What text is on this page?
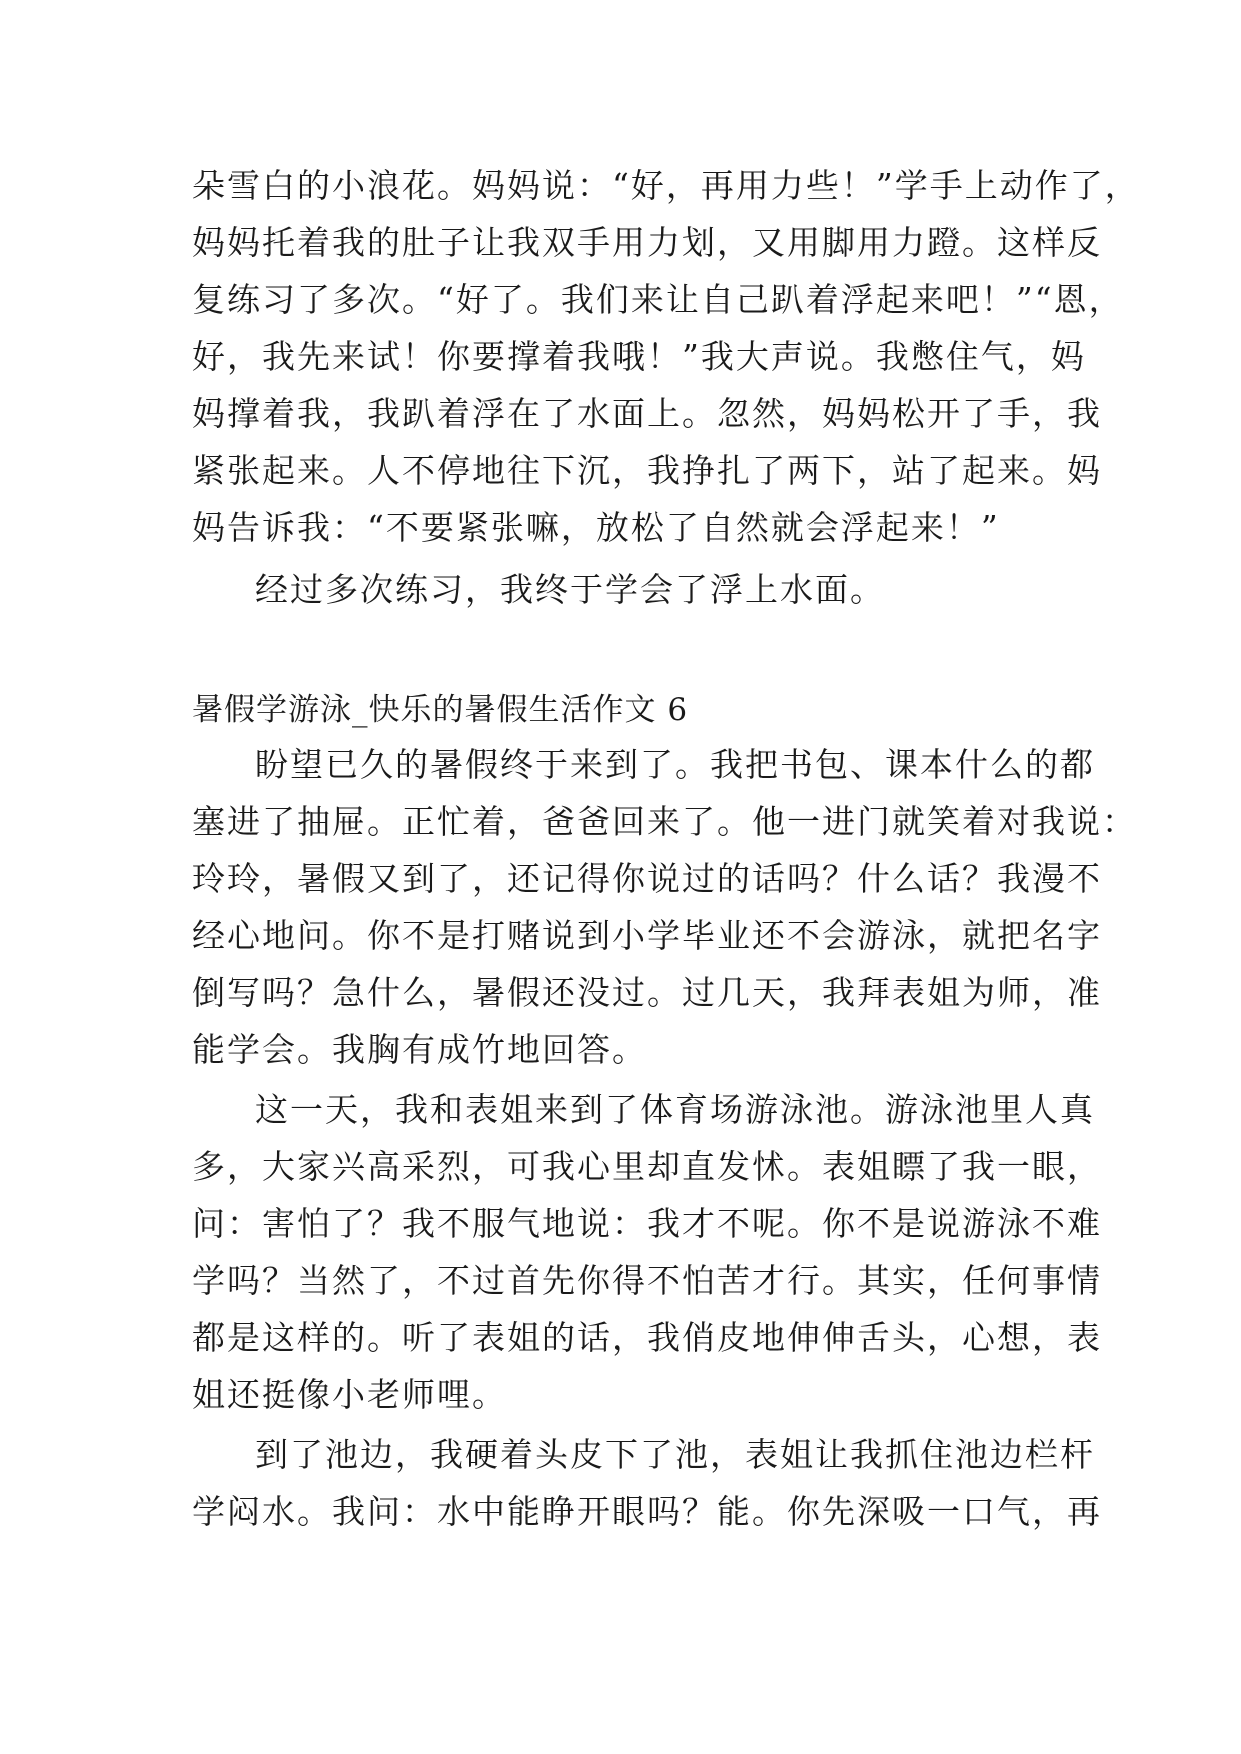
朵雪白的小浪花。妈妈说：“好，再用力些！”学手上动作了，
妈妈托着我的肚子让我双手用力划，又用脚用力蹬。这样反
复练习了多次。“好了。我们来让自己趴着浮起来吧！”“恩，
好，我先来试！你要撑着我哦！”我大声说。我憋住气，妈
妈撑着我，我趴着浮在了水面上。忽然，妈妈松开了手，我
紧张起来。人不停地往下沉，我挣扎了两下，站了起来。妈
妈告诉我：“不要紧张嘛，放松了自然就会浮起来！”
经过多次练习，我终于学会了浮上水面。
暑假学游泳_快乐的暑假生活作文 6
盼望已久的暑假终于来到了。我把书包、课本什么的都
塞进了抽屉。正忙着，爸爸回来了。他一进门就笑着对我说：
玲玲，暑假又到了，还记得你说过的话吗？什么话？我漫不
经心地问。你不是打赌说到小学毕业还不会游泳，就把名字
倒写吗？急什么，暑假还没过。过几天，我拜表姐为师，准
能学会。我胸有成竹地回答。
这一天，我和表姐来到了体育场游泳池。游泳池里人真
多，大家兴高采烈，可我心里却直发怵。表姐瞟了我一眼，
问：害怕了？我不服气地说：我才不呢。你不是说游泳不难
学吗？当然了，不过首先你得不怕苦才行。其实，任何事情
都是这样的。听了表姐的话，我俏皮地伸伸舌头，心想，表
姐还挺像小老师哩。
到了池边，我硬着头皮下了池，表姐让我抓住池边栏杆
学闷水。我问：水中能睁开眼吗？能。你先深吸一口气，再
